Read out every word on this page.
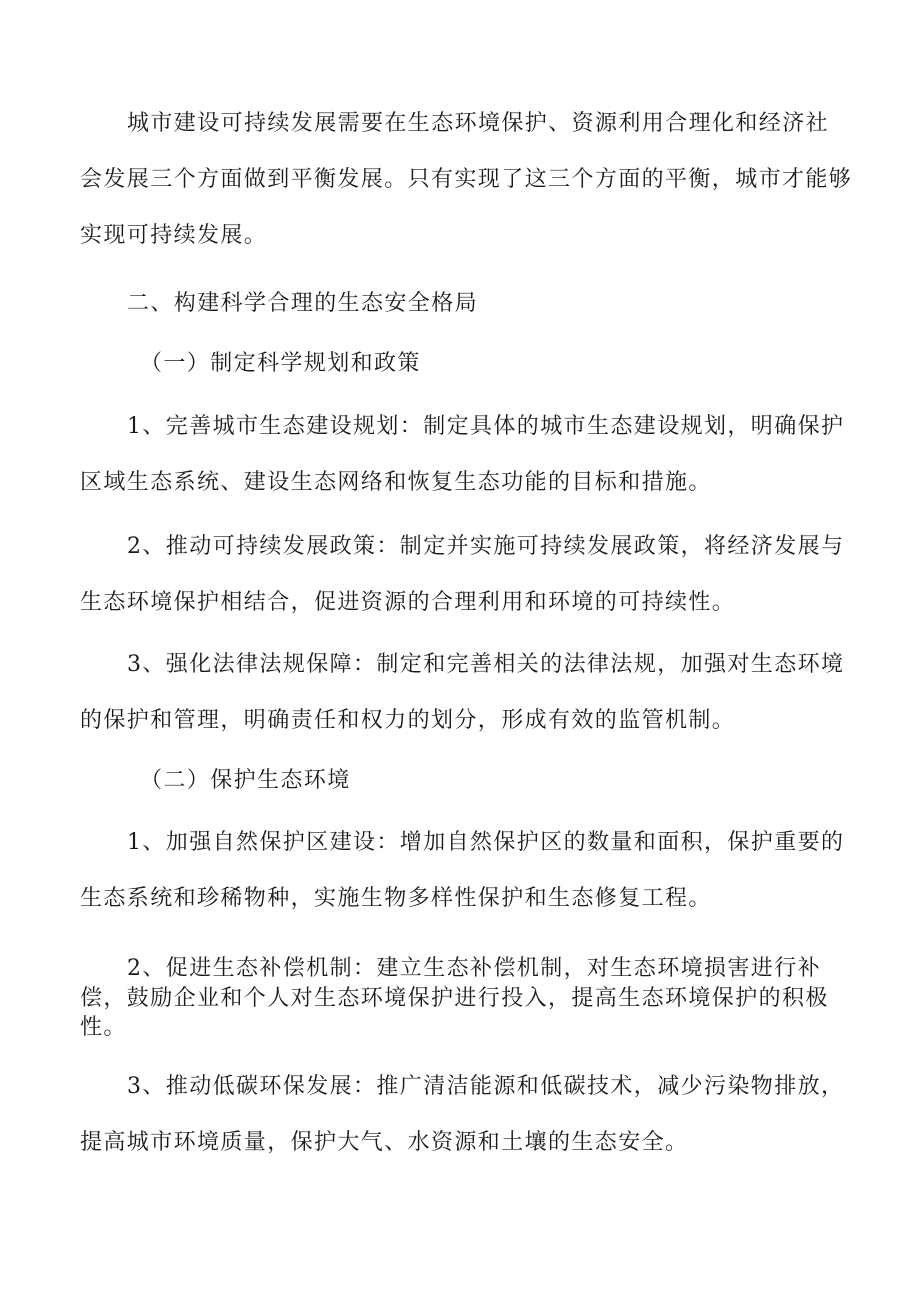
城市建设可持续发展需要在生态环境保护、资源利用合理化和经济社
会发展三个方面做到平衡发展。只有实现了这三个方面的平衡，城市才能够
实现可持续发展。
二、构建科学合理的生态安全格局
（一）制定科学规划和政策
1、完善城市生态建设规划：制定具体的城市生态建设规划，明确保护
区域生态系统、建设生态网络和恢复生态功能的目标和措施。
2、推动可持续发展政策：制定并实施可持续发展政策，将经济发展与
生态环境保护相结合，促进资源的合理利用和环境的可持续性。
3、强化法律法规保障：制定和完善相关的法律法规，加强对生态环境
的保护和管理，明确责任和权力的划分，形成有效的监管机制。
（二）保护生态环境
1、加强自然保护区建设：增加自然保护区的数量和面积，保护重要的
生态系统和珍稀物种，实施生物多样性保护和生态修复工程。
2、促进生态补偿机制：建立生态补偿机制，对生态环境损害进行补
偿，鼓励企业和个人对生态环境保护进行投入，提高生态环境保护的积极
性。
3、推动低碳环保发展：推广清洁能源和低碳技术，减少污染物排放，
提高城市环境质量，保护大气、水资源和土壤的生态安全。
